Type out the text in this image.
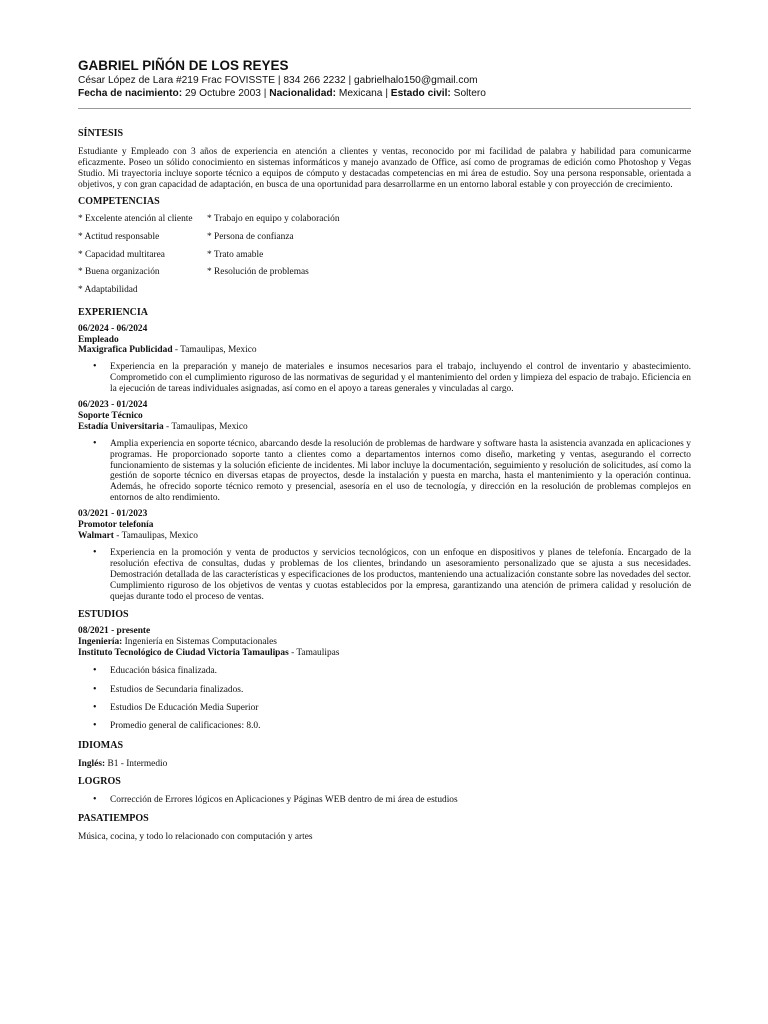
GABRIEL PIÑÓN DE LOS REYES
César López de Lara #219 Frac FOVISSTE | 834 266 2232 | gabrielhalo150@gmail.com
Fecha de nacimiento: 29 Octubre 2003 | Nacionalidad: Mexicana | Estado civil: Soltero
SÍNTESIS

Estudiante y Empleado con 3 años de experiencia en atención a clientes y ventas, reconocido por mi facilidad de palabra y habilidad para comunicarme eficazmente. Poseo un sólido conocimiento en sistemas informáticos y manejo avanzado de Office, así como de programas de edición como Photoshop y Vegas Studio. Mi trayectoria incluye soporte técnico a equipos de cómputo y destacadas competencias en mi área de estudio. Soy una persona responsable, orientada a objetivos, y con gran capacidad de adaptación, en busca de una oportunidad para desarrollarme en un entorno laboral estable y con proyección de crecimiento.

COMPETENCIAS
* Excelente atención al cliente	* Trabajo en equipo y colaboración
* Actitud responsable	* Persona de confianza
* Capacidad multitarea	* Trato amable
* Buena organización	* Resolución de problemas
* Adaptabilidad
EXPERIENCIA
06/2024 - 06/2024
Empleado
Maxigrafica Publicidad - Tamaulipas, Mexico
• Experiencia en la preparación y manejo de materiales e insumos necesarios para el trabajo, incluyendo el control de inventario y abastecimiento. Comprometido con el cumplimiento riguroso de las normativas de seguridad y el mantenimiento del orden y limpieza del espacio de trabajo. Eficiencia en la ejecución de tareas individuales asignadas, así como en el apoyo a tareas generales y vinculadas al cargo.
06/2023 - 01/2024
Soporte Técnico
Estadía Universitaria - Tamaulipas, Mexico
• Amplia experiencia en soporte técnico, abarcando desde la resolución de problemas de hardware y software hasta la asistencia avanzada en aplicaciones y programas. He proporcionado soporte tanto a clientes como a departamentos internos como diseño, marketing y ventas, asegurando el correcto funcionamiento de sistemas y la solución eficiente de incidentes. Mi labor incluye la documentación, seguimiento y resolución de solicitudes, así como la gestión de soporte técnico en diversas etapas de proyectos, desde la instalación y puesta en marcha, hasta el mantenimiento y la operación continua. Además, he ofrecido soporte técnico remoto y presencial, asesoría en el uso de tecnología, y dirección en la resolución de problemas complejos en entornos de alto rendimiento.
03/2021 - 01/2023
Promotor telefonía
Walmart - Tamaulipas, Mexico
• Experiencia en la promoción y venta de productos y servicios tecnológicos, con un enfoque en dispositivos y planes de telefonía. Encargado de la resolución efectiva de consultas, dudas y problemas de los clientes, brindando un asesoramiento personalizado que se ajusta a sus necesidades. Demostración detallada de las características y especificaciones de los productos, manteniendo una actualización constante sobre las novedades del sector. Cumplimiento riguroso de los objetivos de ventas y cuotas establecidos por la empresa, garantizando una atención de primera calidad y resolución de quejas durante todo el proceso de ventas.
ESTUDIOS
08/2021 - presente
Ingeniería: Ingeniería en Sistemas Computacionales
Instituto Tecnológico de Ciudad Victoria Tamaulipas - Tamaulipas
• Educación básica finalizada.
• Estudios de Secundaria finalizados.
• Estudios De Educación Media Superior
• Promedio general de calificaciones: 8.0.
IDIOMAS
Inglés: B1 - Intermedio
LOGROS
• Corrección de Errores lógicos en Aplicaciones y Páginas WEB dentro de mi área de estudios
PASATIEMPOS
Música, cocina, y todo lo relacionado con computación y artes
